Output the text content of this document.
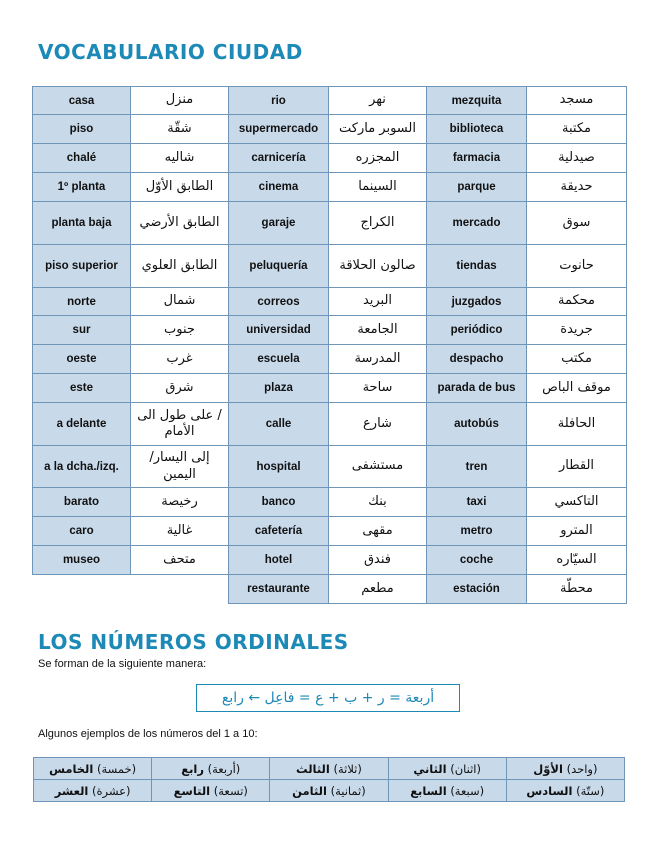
VOCABULARIO CIUDAD
casa	منزل	rio	نهر	mezquita	مسجد
piso	شقّة	supermercado	السوبر ماركت	biblioteca	مكتبة
chalé	شاليه	carnicería	المجزره	farmacia	صيدلية
1º planta	الطابق الأوّل	cinema	السينما	parque	حديقة
planta baja	الطابق الأرضي	garaje	الكراج	mercado	سوق
piso superior	الطابق العلوي	peluquería	صالون الحلاقة	tiendas	حانوت
norte	شمال	correos	البريد	juzgados	محكمة
sur	جنوب	universidad	الجامعة	periódico	جريدة
oeste	غرب	escuela	المدرسة	despacho	مكتب
este	شرق	plaza	ساحة	parada de bus	موقف الباص
a delante	/ على طول الى الأمام	calle	شارع	autobús	الحافلة
a la dcha./izq.	إلى اليسار/ اليمين	hospital	مستشفى	tren	القطار
barato	رخيصة	banco	بنك	taxi	التاكسي
caro	غالية	cafetería	مقهى	metro	المترو
museo	متحف	hotel	فندق	coche	السيّاره
		restaurante	مطعم	estación	محطّة
LOS NÚMEROS ORDINALES
Se forman de la siguiente manera:
أربعة = ر + ب + ع = فاعِل ← رابع
Algunos ejemplos de los números del 1 a 10:
(خمسة) الخامس	(أربعة) رابع	(ثلاثة) الثالث	(اثنان) الثاني	(واحد) الأوّل
(عشرة) العشر	(تسعة) التاسع	(ثمانية) الثامن	(سبعة) السابع	(ستّة) السادس
